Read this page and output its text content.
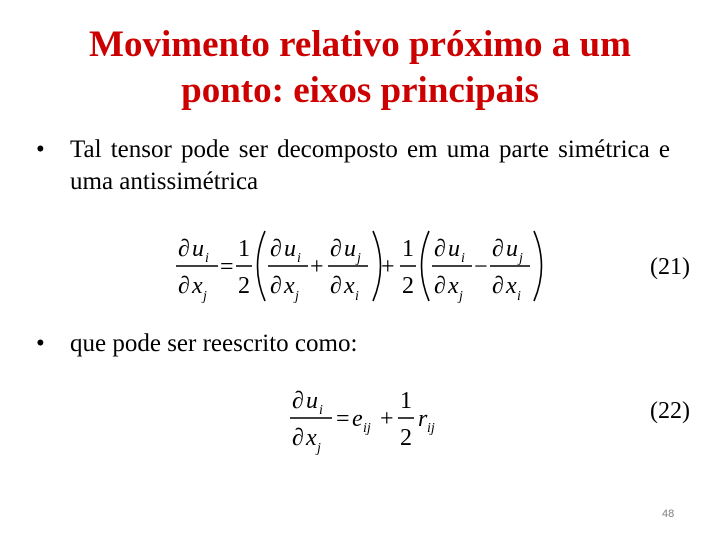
Movimento relativo próximo a um
ponto: eixos principais
• Tal tensor pode ser decomposto em uma parte simétrica e uma antissimétrica
∂ u i
∂ x j
=
1
2
∂ u i
∂ x j
+
∂ u j
∂ x i
+
1
2
∂ u i
∂ x j
−
∂ u j
∂ x i
(21)
• que pode ser reescrito como:
∂ u i
∂ x j
= e ij +
1
2
r ij
(22)
48
